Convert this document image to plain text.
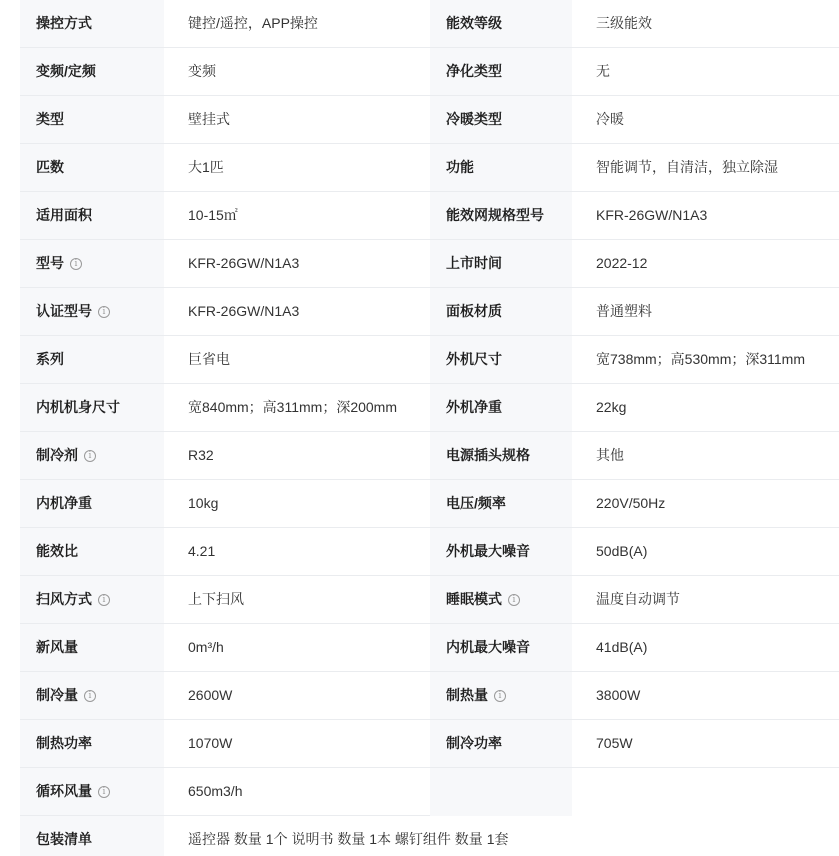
操控方式	键控/遥控，APP操控	能效等级	三级能效
变频/定频	变频	净化类型	无
类型	壁挂式	冷暖类型	冷暖
匹数	大1匹	功能	智能调节，自清洁，独立除湿
适用面积	10-15㎡	能效网规格型号	KFR-26GW/N1A3
型号	i	KFR-26GW/N1A3	上市时间	2022-12
认证型号	i	KFR-26GW/N1A3	面板材质	普通塑料
系列	巨省电	外机尺寸	宽738mm；高530mm；深311mm
内机机身尺寸	宽840mm；高311mm；深200mm	外机净重	22kg
制冷剂	i	R32	电源插头规格	其他
内机净重	10kg	电压/频率	220V/50Hz
能效比	4.21	外机最大噪音	50dB(A)
扫风方式	i	上下扫风	睡眠模式	i	温度自动调节
新风量	0m³/h	内机最大噪音	41dB(A)
制冷量	i	2600W	制热量	i	3800W
制热功率	1070W	制冷功率	705W
循环风量	i	650m3/h
包装清单	遥控器 数量 1个 说明书 数量 1本 螺钉组件 数量 1套
